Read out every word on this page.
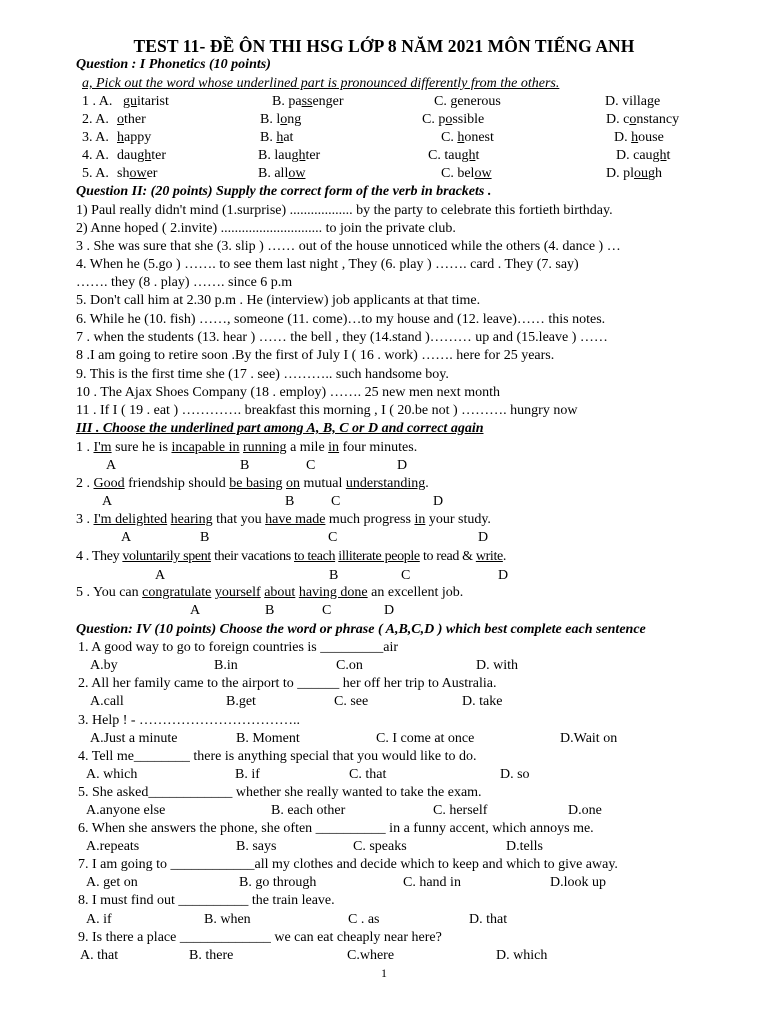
TEST 11- ĐỀ ÔN THI HSG LỚP 8 NĂM 2021 MÔN TIẾNG ANH
Question : I Phonetics (10 points)
a, Pick out the word whose underlined part is pronounced differently from the others.
1 . A. guitarist	B. passenger	C. generous	D. village
2. A. other	B. long	C. possible	D. constancy
3. A. happy	B. hat	C. honest	D. house
4. A. daughter	B. laughter	C. taught	D. caught
5. A. shower	B. allow	C. below	D. plough
Question II: (20 points) Supply the correct form of the verb in brackets .
1) Paul really didn't mind (1.surprise) .................. by the party to celebrate this fortieth birthday.
2) Anne hoped ( 2.invite) ............................. to join the private club.
3 . She was sure that she (3. slip ) …… out of the house unnoticed while the others (4. dance ) …
4. When he (5.go ) ……. to see them last night , They (6. play ) ……. card . They (7. say)
……. they (8 . play) ……. since 6 p.m
5. Don't call him at 2.30 p.m . He (interview) job applicants at that time.
6. While he (10. fish) ……, someone (11. come)…to my house and (12. leave)…… this notes.
7 . when the students (13. hear ) …… the bell , they (14.stand )……… up and (15.leave ) ……
8 .I am going to retire soon .By the first of July I ( 16 . work) ……. here for 25 years.
9. This is the first time she (17 . see) ……….. such handsome boy.
10 . The Ajax Shoes Company (18 . employ) ……. 25 new men next month
11 . If I ( 19 . eat ) …………. breakfast this morning , I ( 20.be not ) ………. hungry now
III . Choose the underlined part among A, B, C or D and correct again
1 . I'm sure he is incapable in running a mile in four minutes.
A	B	C	D
2 . Good friendship should be basing on mutual understanding.
A	B	C	D
3 . I'm delighted hearing that you have made much progress in your study.
A	B	C	D
4 . They voluntarily spent their vacations to teach illiterate people to read & write.
A	B	C	D
5 . You can congratulate yourself about having done an excellent job.
A	B	C	D
Question: IV (10 points) Choose the word or phrase ( A,B,C,D ) which best complete each sentence
1. A good way to go to foreign countries is _________air
A.by	B.in	C.on	D. with
2. All her family came to the airport to ______ her off her trip to Australia.
A.call	B.get	C. see	D. take
3. Help ! - ……………………………..
A.Just a minute	B. Moment	C. I come at once	D.Wait on
4. Tell me________ there is anything special that you would like to do.
A. which	B. if	C. that	D. so
5. She asked____________ whether she really wanted to take the exam.
A.anyone else	B. each other	C. herself	D.one
6. When she answers the phone, she often __________ in a funny accent, which annoys me.
A.repeats	B. says	C. speaks	D.tells
7. I am going to ____________all my clothes and decide which to keep and which to give away.
A. get on	B. go through	C. hand in	D.look up
8. I must find out __________ the train leave.
A. if	B. when	C . as	D. that
9. Is there a place _____________ we can eat cheaply near here?
A. that	B. there	C.where	D. which
1
